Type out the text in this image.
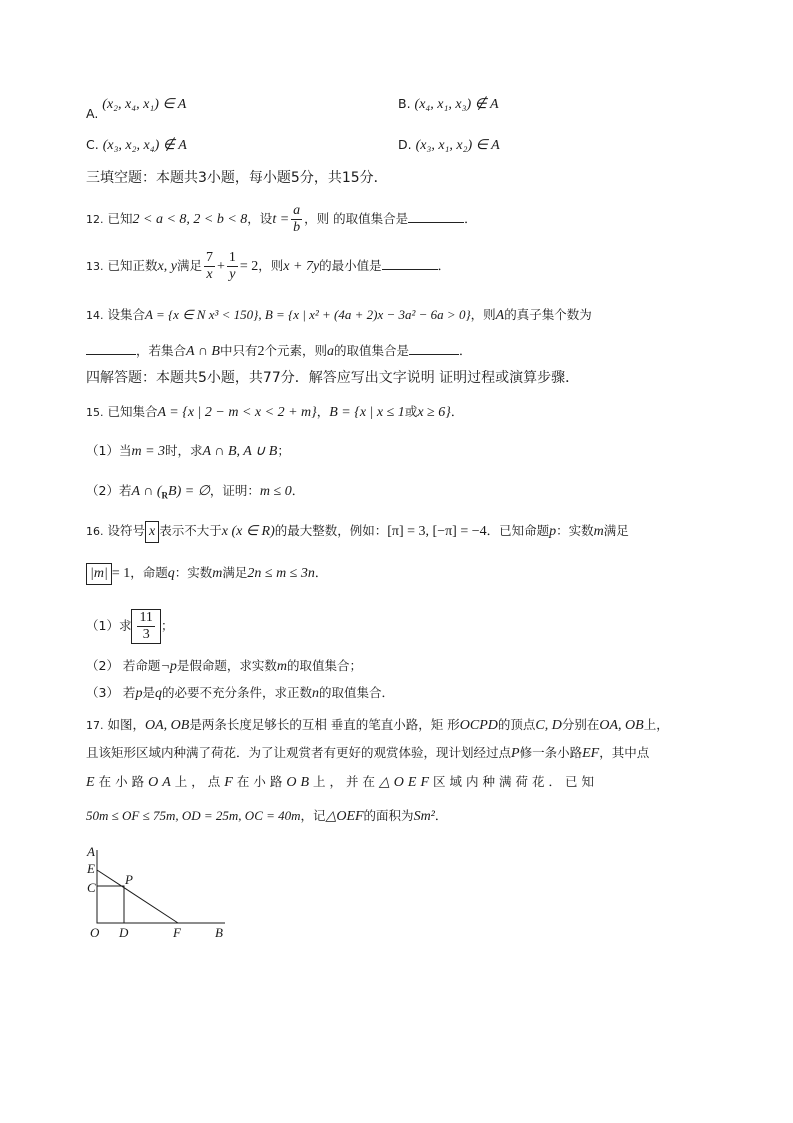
A. (x₂, x₄, x₁) ∈ A	B. (x₄, x₁, x₃) ∉ A
C. (x₃, x₂, x₄) ∉ A	D. (x₃, x₁, x₂) ∈ A
三填空题：本题共3小题，每小题5分，共15分．
12. 已知2 < a < 8, 2 < b < 8，设$t = \frac{a}{b}$ ，则 的取值集合是	．
13. 已知正数x, y满足 $\frac{7}{x} + \frac{1}{y} = 2$，则x + 7y的最小值是	．
14. 设集合A = {x ∈ N x³ < 150}, B = {x | x² + (4a + 2)x − 3a² − 6a > 0}，则A的真子集个数为
，若集合A ∩ B中只有2个元素，则a的取值集合是	．
四解答题：本题共5小题，共77分．解答应写出文字说明 证明过程或演算步骤．
15. 已知集合A = {x | 2 − m < x < 2 + m}，B = {x | x ≤ 1或x ≥ 6}．
（1）当m = 3时，求A ∩ B, A ∪ B；
（2）若A ∩ $(_RB)$ = ∅，证明：m ≤ 0．
16. 设符号 x 表示不大于x (x ∈ R)的最大整数，例如：[π] = 3, [−π] = −4．已知命题p：实数m满足
|m| = 1，命题q：实数m满足2n ≤ m ≤ 3n．
（1）求 $\frac{11}{3}$ ；
（2） 若命题¬p是假命题，求实数m的取值集合；
（3） 若p是q的必要不充分条件，求正数n的取值集合．
17. 如图，OA, OB是两条长度足够长的互相 垂直的笔直小路，矩 形OCPD的顶点C, D分别在OA, OB上，
且该矩形区域内种满了荷花．为了让观赏者有更好的观赏体验，现计划经过点P修一条小路EF，其中点
E在小路OA上，点F在小路OB上，并在△OEF区域内种满荷花．已知
50m ≤ OF ≤ 75m, OD = 25m, OC = 40m，记△OEF的面积为Sm²．
A
E
C
P
O D	F	B
